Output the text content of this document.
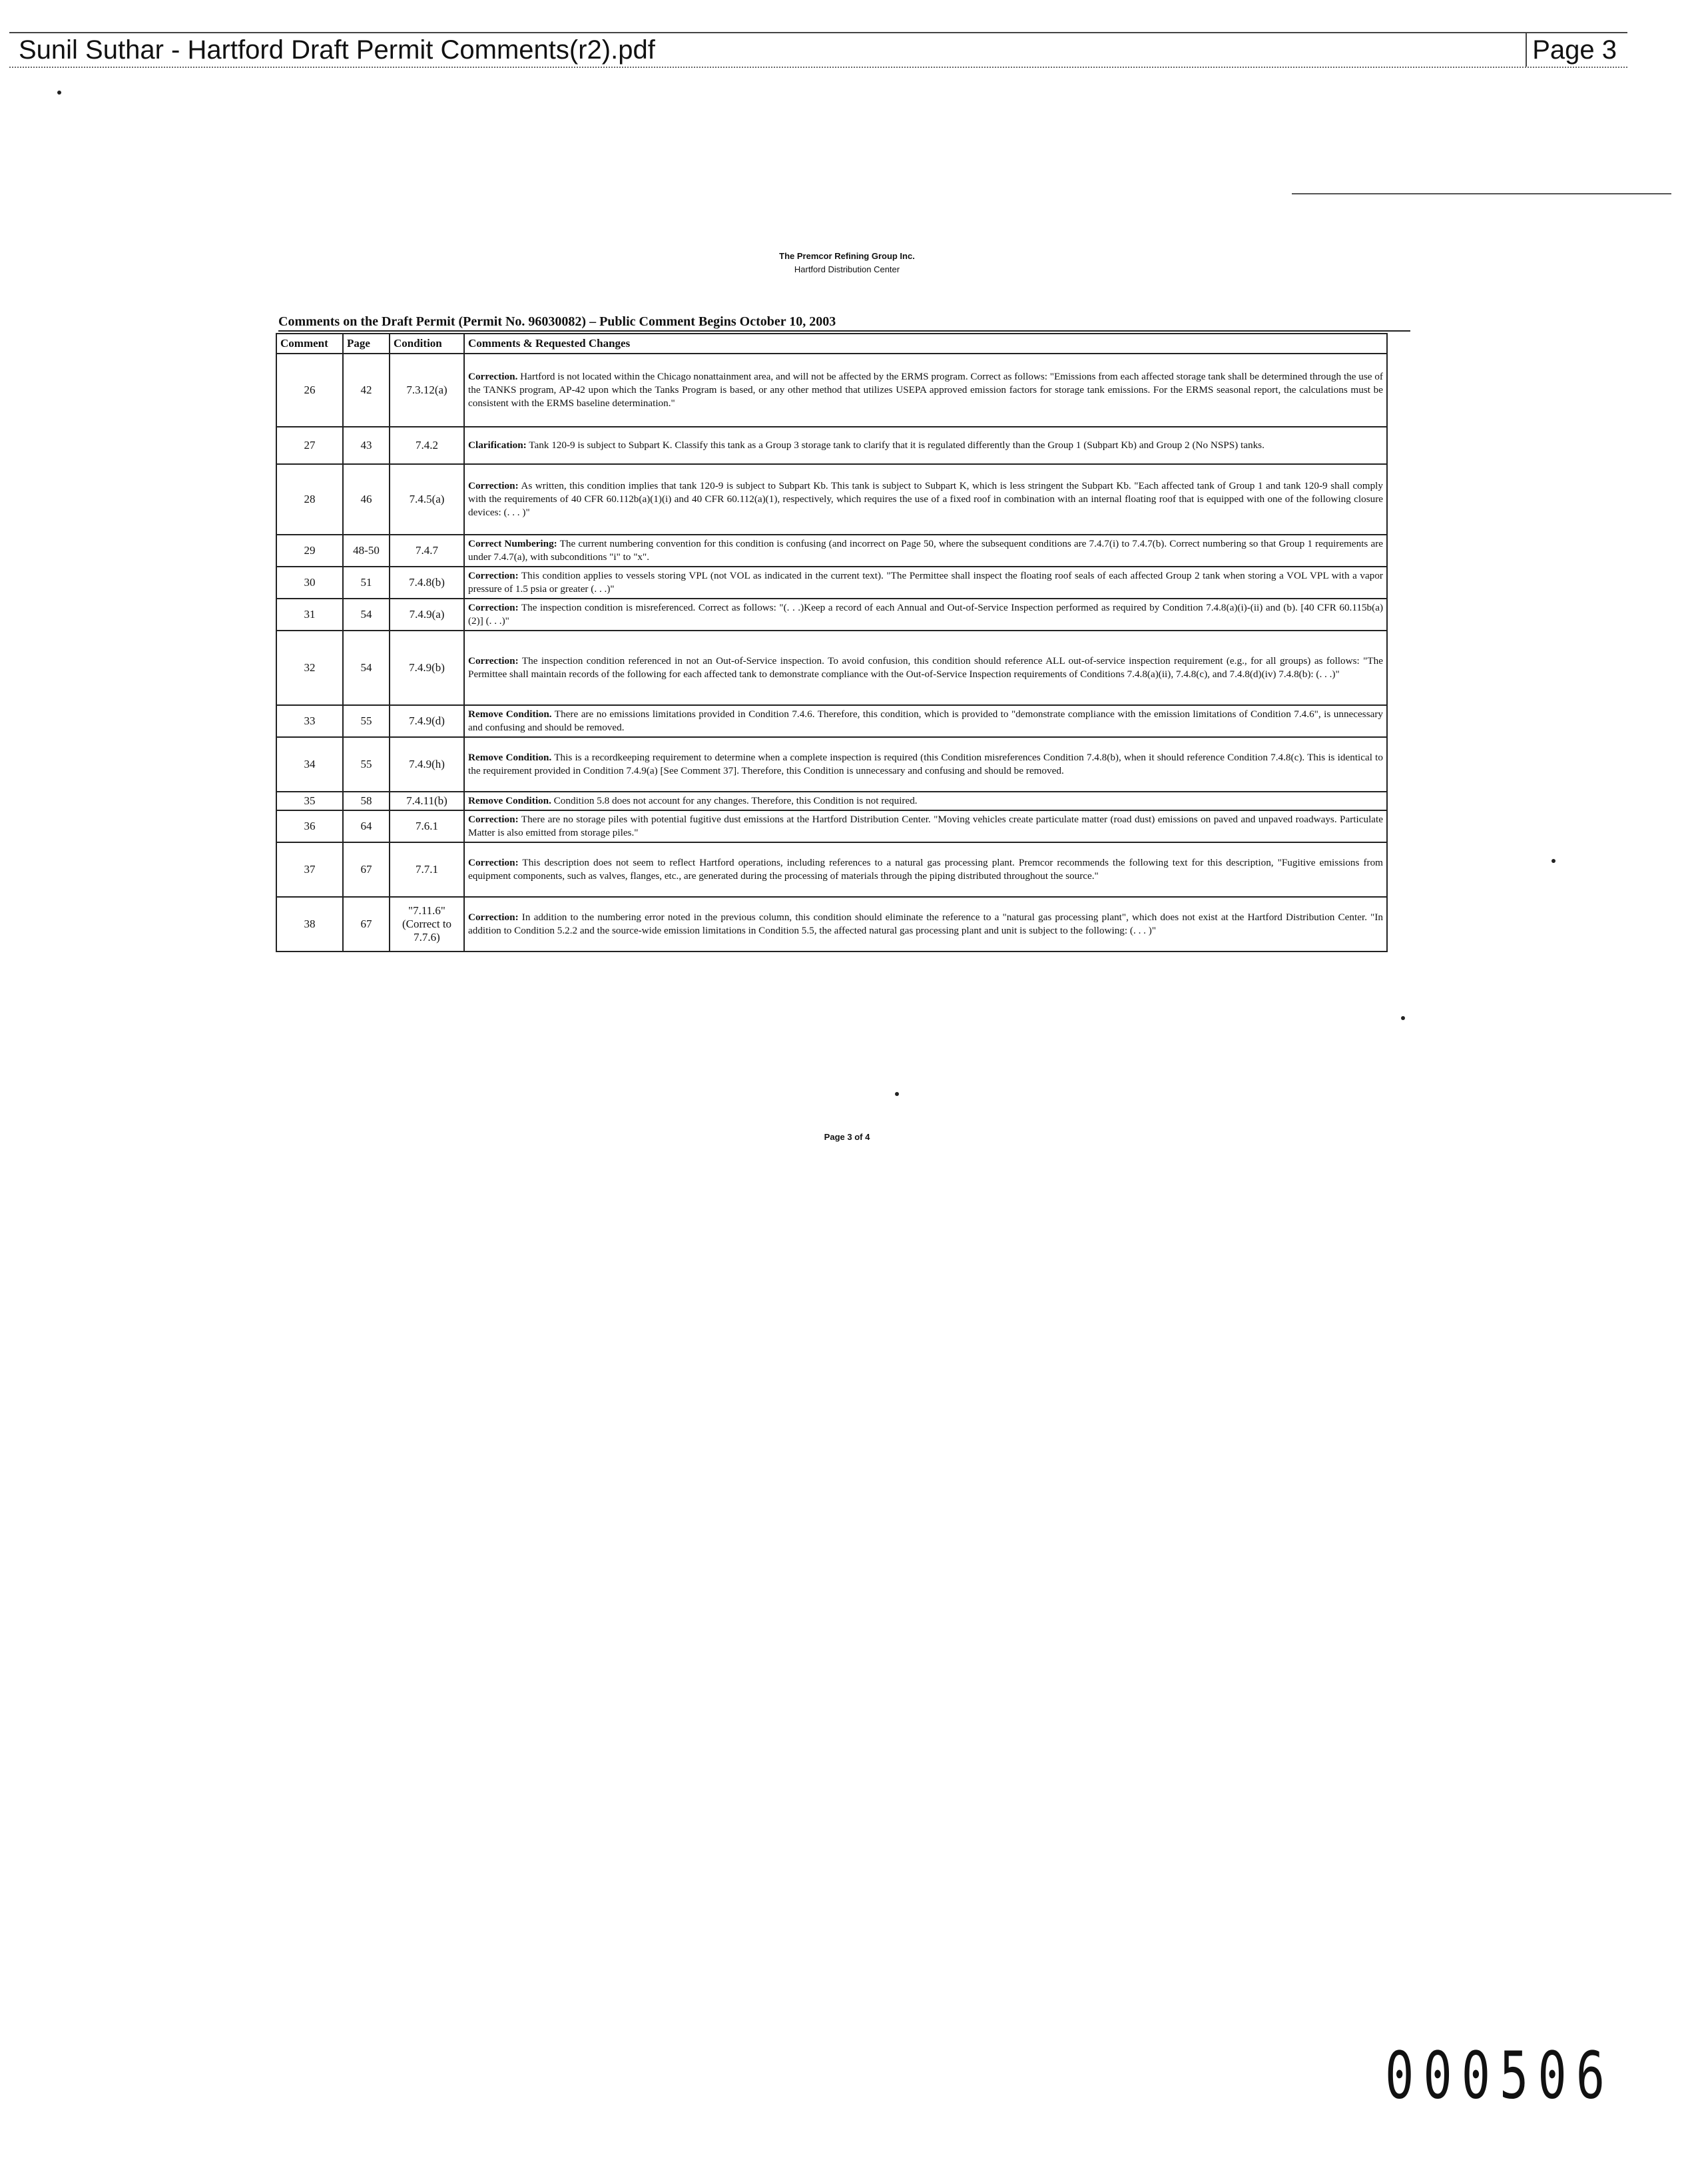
Sunil Suthar - Hartford Draft Permit Comments(r2).pdf	Page 3
The Premcor Refining Group Inc.
Hartford Distribution Center
Comments on the Draft Permit (Permit No. 96030082) – Public Comment Begins October 10, 2003
Comment	Page	Condition	Comments & Requested Changes
26	42	7.3.12(a)	Correction. Hartford is not located within the Chicago nonattainment area, and will not be affected by the ERMS program. Correct as follows: "Emissions from each affected storage tank shall be determined through the use of the TANKS program, AP-42 upon which the Tanks Program is based, or any other method that utilizes USEPA approved emission factors for storage tank emissions. For the ERMS seasonal report, the calculations must be consistent with the ERMS baseline determination."
27	43	7.4.2	Clarification: Tank 120-9 is subject to Subpart K. Classify this tank as a Group 3 storage tank to clarify that it is regulated differently than the Group 1 (Subpart Kb) and Group 2 (No NSPS) tanks.
28	46	7.4.5(a)	Correction: As written, this condition implies that tank 120-9 is subject to Subpart Kb. This tank is subject to Subpart K, which is less stringent the Subpart Kb. "Each affected tank of Group 1 and tank 120-9 shall comply with the requirements of 40 CFR 60.112b(a)(1)(i) and 40 CFR 60.112(a)(1), respectively, which requires the use of a fixed roof in combination with an internal floating roof that is equipped with one of the following closure devices: (. . . )"
29	48-50	7.4.7	Correct Numbering: The current numbering convention for this condition is confusing (and incorrect on Page 50, where the subsequent conditions are 7.4.7(i) to 7.4.7(b). Correct numbering so that Group 1 requirements are under 7.4.7(a), with subconditions "i" to "x".
30	51	7.4.8(b)	Correction: This condition applies to vessels storing VPL (not VOL as indicated in the current text). "The Permittee shall inspect the floating roof seals of each affected Group 2 tank when storing a VOL VPL with a vapor pressure of 1.5 psia or greater (. . .)"
31	54	7.4.9(a)	Correction: The inspection condition is misreferenced. Correct as follows: "(. . .)Keep a record of each Annual and Out-of-Service Inspection performed as required by Condition 7.4.8(a)(i)-(ii) and (b). [40 CFR 60.115b(a)(2)] (. . .)"
32	54	7.4.9(b)	Correction: The inspection condition referenced in not an Out-of-Service inspection. To avoid confusion, this condition should reference ALL out-of-service inspection requirement (e.g., for all groups) as follows: "The Permittee shall maintain records of the following for each affected tank to demonstrate compliance with the Out-of-Service Inspection requirements of Conditions 7.4.8(a)(ii), 7.4.8(c), and 7.4.8(d)(iv) 7.4.8(b): (. . .)"
33	55	7.4.9(d)	Remove Condition. There are no emissions limitations provided in Condition 7.4.6. Therefore, this condition, which is provided to "demonstrate compliance with the emission limitations of Condition 7.4.6", is unnecessary and confusing and should be removed.
34	55	7.4.9(h)	Remove Condition. This is a recordkeeping requirement to determine when a complete inspection is required (this Condition misreferences Condition 7.4.8(b), when it should reference Condition 7.4.8(c). This is identical to the requirement provided in Condition 7.4.9(a) [See Comment 37]. Therefore, this Condition is unnecessary and confusing and should be removed.
35	58	7.4.11(b)	Remove Condition. Condition 5.8 does not account for any changes. Therefore, this Condition is not required.
36	64	7.6.1	Correction: There are no storage piles with potential fugitive dust emissions at the Hartford Distribution Center. "Moving vehicles create particulate matter (road dust) emissions on paved and unpaved roadways. Particulate Matter is also emitted from storage piles."
37	67	7.7.1	Correction: This description does not seem to reflect Hartford operations, including references to a natural gas processing plant. Premcor recommends the following text for this description, "Fugitive emissions from equipment components, such as valves, flanges, etc., are generated during the processing of materials through the piping distributed throughout the source."
38	67	"7.11.6" (Correct to 7.7.6)	Correction: In addition to the numbering error noted in the previous column, this condition should eliminate the reference to a "natural gas processing plant", which does not exist at the Hartford Distribution Center. "In addition to Condition 5.2.2 and the source-wide emission limitations in Condition 5.5, the affected natural gas processing plant and unit is subject to the following: (. . . )"
Page 3 of 4
000506
